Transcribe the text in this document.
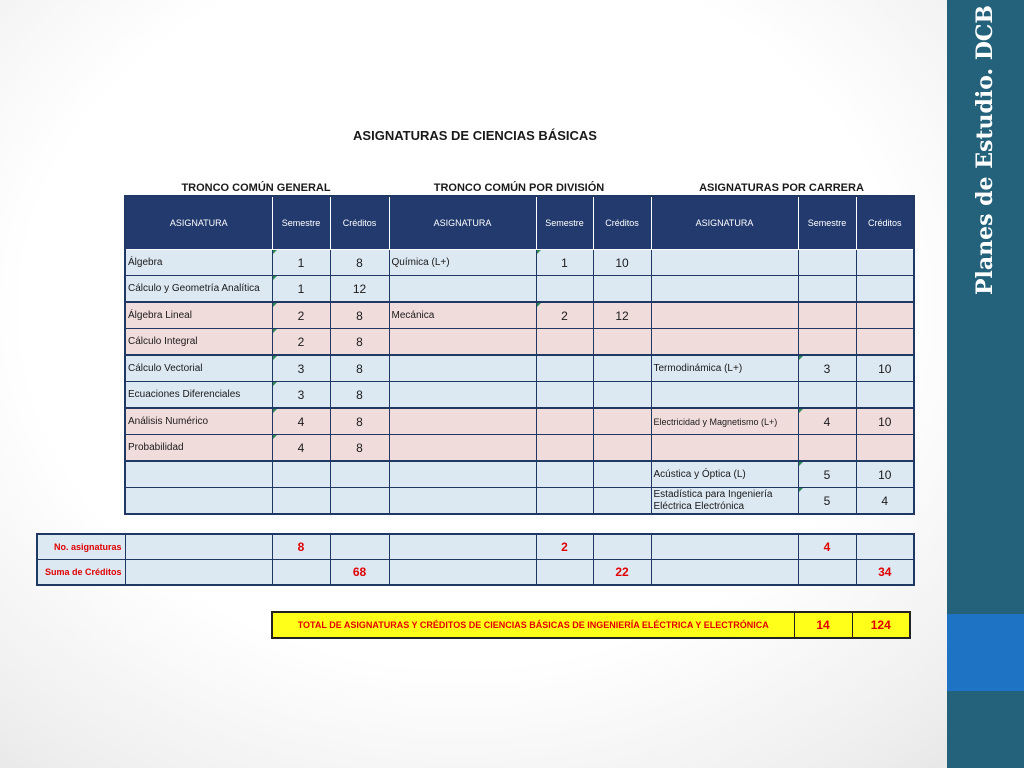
Planes de Estudio. DCB
ASIGNATURAS DE CIENCIAS BÁSICAS
TRONCO COMÚN GENERAL	TRONCO COMÚN POR DIVISIÓN	ASIGNATURAS POR CARRERA
ASIGNATURA	Semestre	Créditos	ASIGNATURA	Semestre	Créditos	ASIGNATURA	Semestre	Créditos
Álgebra	1	8	Química (L+)	1	10			
Cálculo y Geometría Analítica	1	12						
Álgebra Lineal	2	8	Mecánica	2	12			
Cálculo Integral	2	8						
Cálculo Vectorial	3	8				Termodinámica (L+)	3	10
Ecuaciones Diferenciales	3	8						
Análisis Numérico	4	8				Electricidad y Magnetismo (L+)	4	10
Probabilidad	4	8						
						Acústica y Óptica (L)	5	10
						Estadística para Ingeniería Eléctrica Electrónica	5	4
No. asignaturas		8			2			4	
Suma de Créditos			68			22			34
TOTAL DE ASIGNATURAS Y CRÉDITOS DE CIENCIAS BÁSICAS DE INGENIERÍA ELÉCTRICA Y ELECTRÓNICA	14	124
